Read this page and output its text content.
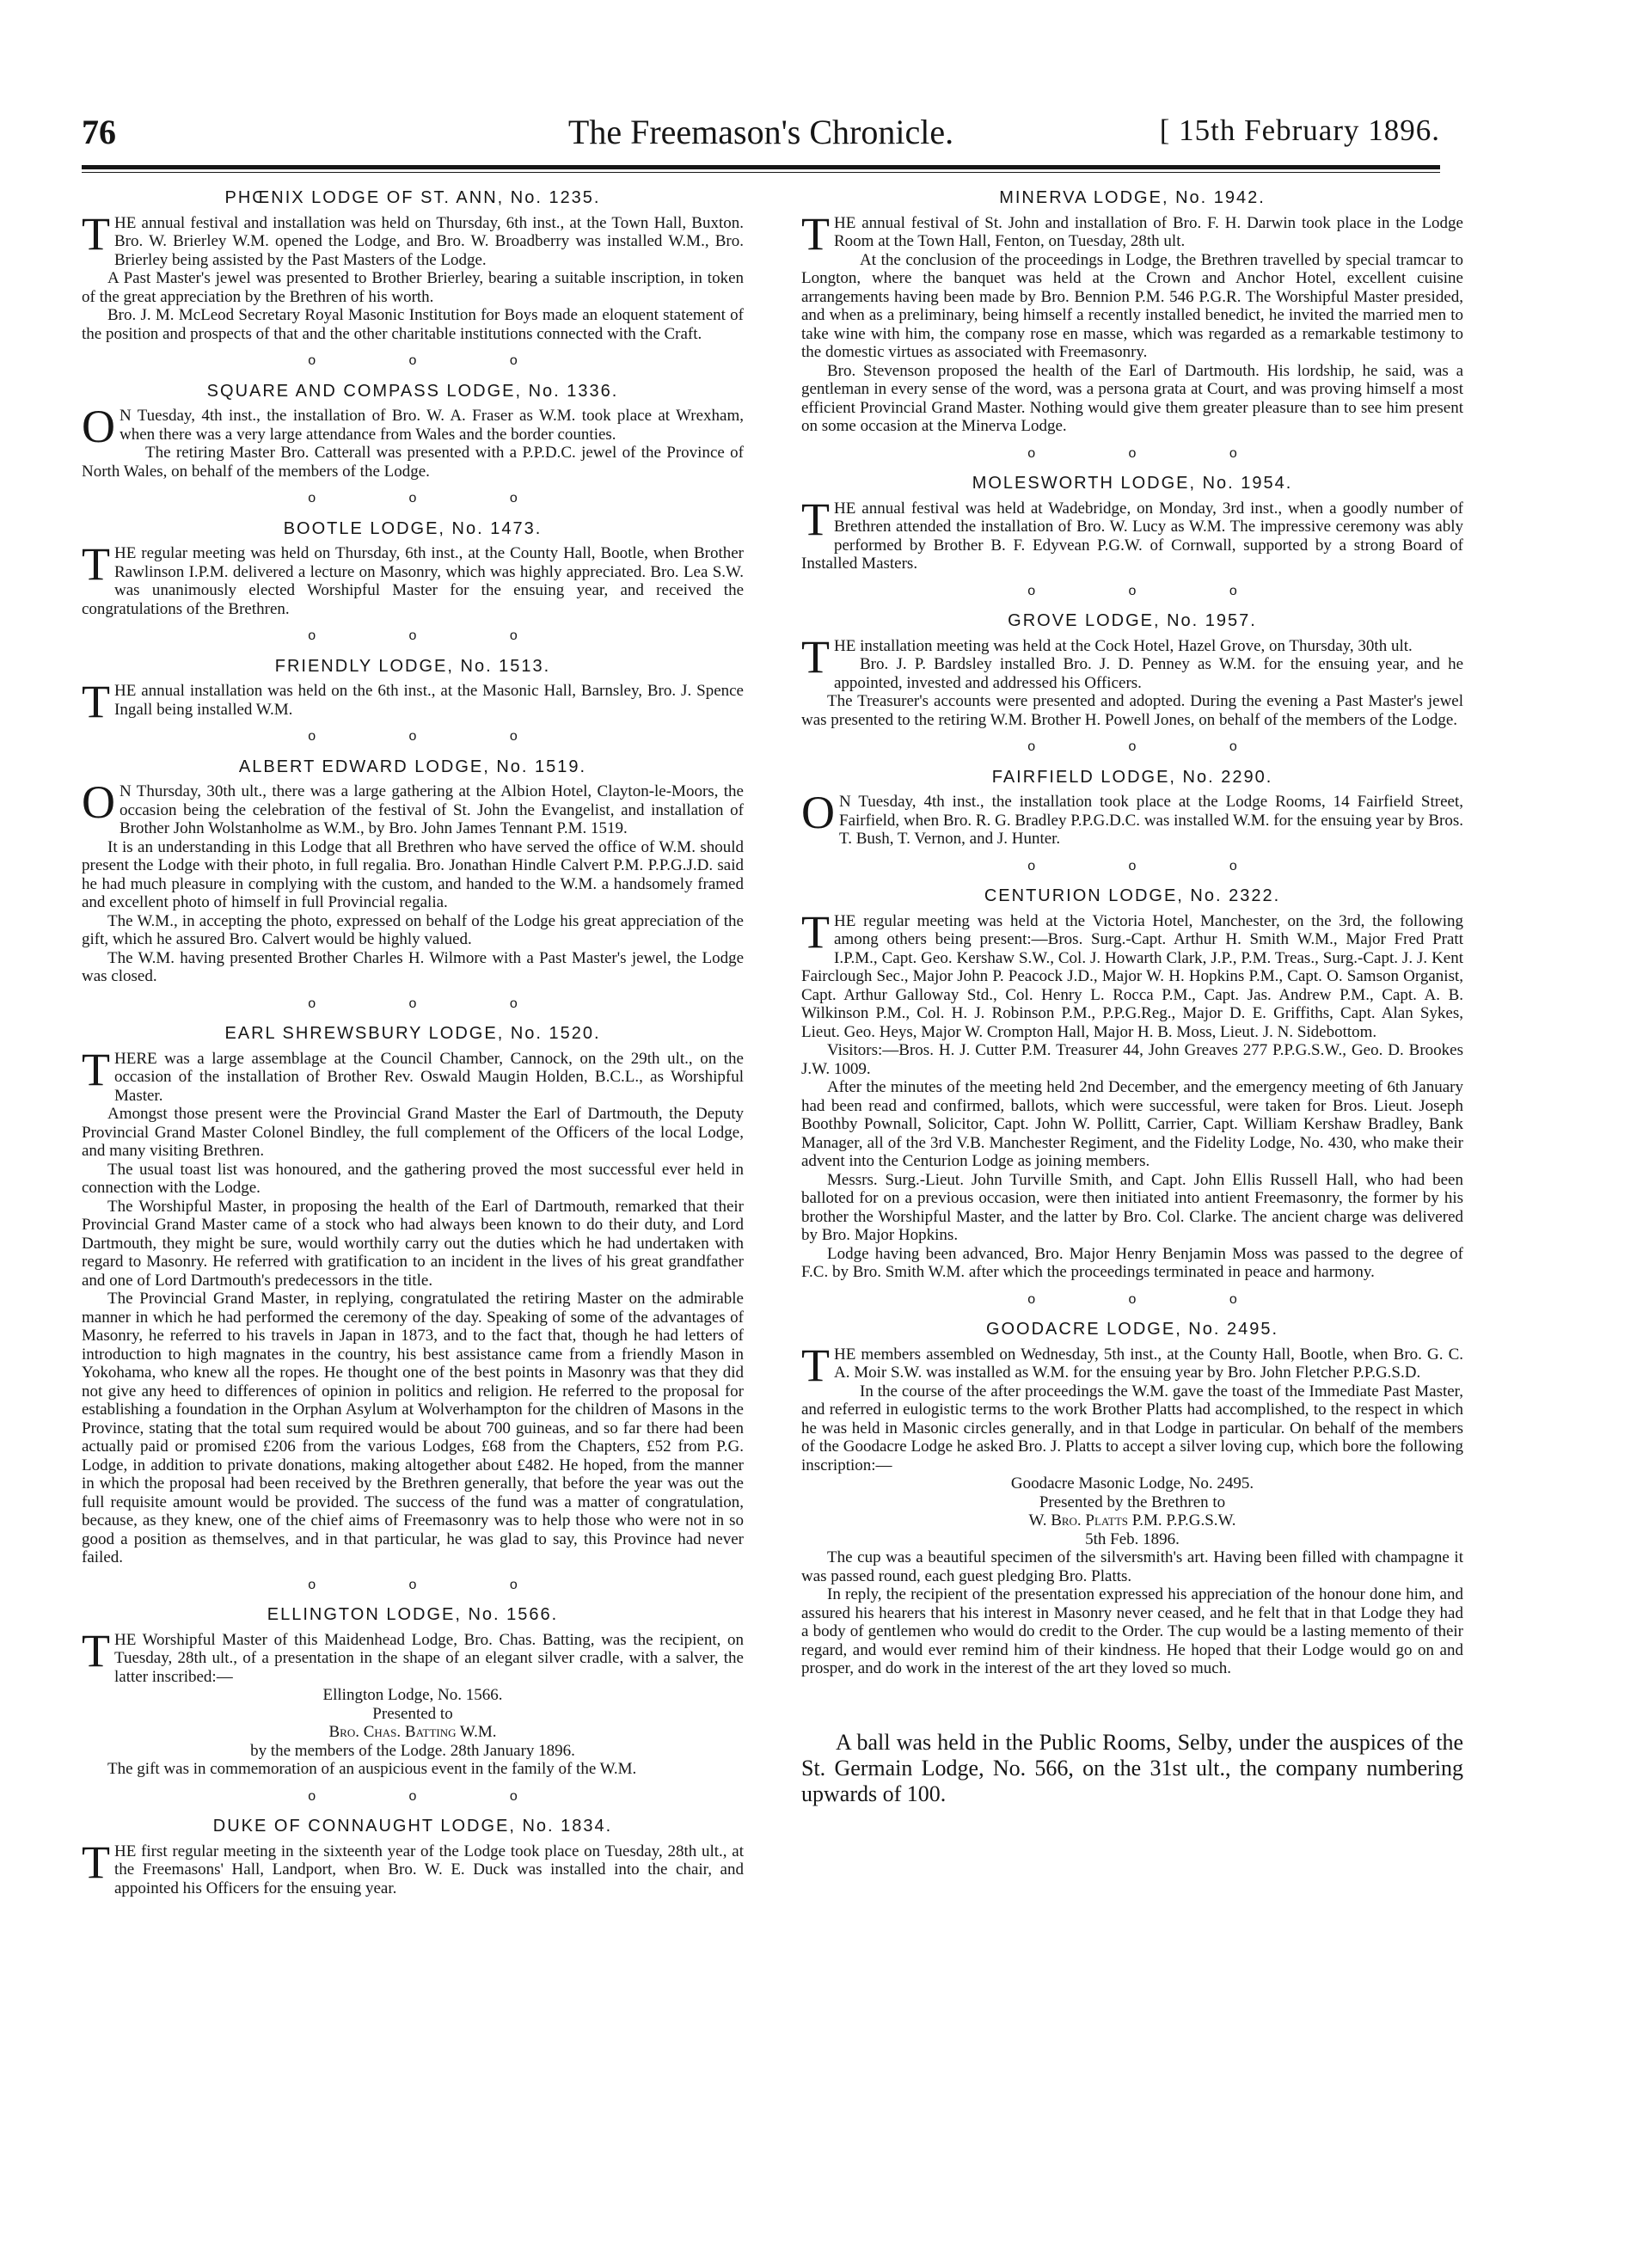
76	The Freemason's Chronicle.	[ 15th February 1896.
PHŒNIX LODGE OF ST. ANN, No. 1235.

THE annual festival and installation was held on Thursday, 6th inst., at the Town Hall, Buxton. Bro. W. Brierley W.M. opened the Lodge, and Bro. W. Broadberry was installed W.M., Bro. Brierley being assisted by the Past Masters of the Lodge.

A Past Master's jewel was presented to Brother Brierley, bearing a suitable inscription, in token of the great appreciation by the Brethren of his worth.

Bro. J. M. McLeod Secretary Royal Masonic Institution for Boys made an eloquent statement of the position and prospects of that and the other charitable institutions connected with the Craft.

o o o
SQUARE AND COMPASS LODGE, No. 1336.

O N Tuesday, 4th inst., the installation of Bro. W. A. Fraser as W.M. took place at Wrexham, when there was a very large attendance from Wales and the border counties.

The retiring Master Bro. Catterall was presented with a P.P.D.C. jewel of the Province of North Wales, on behalf of the members of the Lodge.

o o o
BOOTLE LODGE, No. 1473.

THE regular meeting was held on Thursday, 6th inst., at the County Hall, Bootle, when Brother Rawlinson I.P.M. delivered a lecture on Masonry, which was highly appreciated. Bro. Lea S.W. was unanimously elected Worshipful Master for the ensuing year, and received the congratulations of the Brethren.

o o o
FRIENDLY LODGE, No. 1513.

THE annual installation was held on the 6th inst., at the Masonic Hall, Barnsley, Bro. J. Spence Ingall being installed W.M.

o o o
ALBERT EDWARD LODGE, No. 1519.

O N Thursday, 30th ult., there was a large gathering at the Albion Hotel, Clayton-le-Moors, the occasion being the celebration of the festival of St. John the Evangelist, and installation of Brother John Wolstanholme as W.M., by Bro. John James Tennant P.M. 1519.

It is an understanding in this Lodge that all Brethren who have served the office of W.M. should present the Lodge with their photo, in full regalia. Bro. Jonathan Hindle Calvert P.M. P.P.G.J.D. said he had much pleasure in complying with the custom, and handed to the W.M. a handsomely framed and excellent photo of himself in full Provincial regalia.

The W.M., in accepting the photo, expressed on behalf of the Lodge his great appreciation of the gift, which he assured Bro. Calvert would be highly valued.

The W.M. having presented Brother Charles H. Wilmore with a Past Master's jewel, the Lodge was closed.

o o o
EARL SHREWSBURY LODGE, No. 1520.

THERE was a large assemblage at the Council Chamber, Cannock, on the 29th ult., on the occasion of the installation of Brother Rev. Oswald Maugin Holden, B.C.L., as Worshipful Master.

Amongst those present were the Provincial Grand Master the Earl of Dartmouth, the Deputy Provincial Grand Master Colonel Bindley, the full complement of the Officers of the local Lodge, and many visiting Brethren.

The usual toast list was honoured, and the gathering proved the most successful ever held in connection with the Lodge.

The Worshipful Master, in proposing the health of the Earl of Dartmouth, remarked that their Provincial Grand Master came of a stock who had always been known to do their duty, and Lord Dartmouth, they might be sure, would worthily carry out the duties which he had undertaken with regard to Masonry. He referred with gratification to an incident in the lives of his great grandfather and one of Lord Dartmouth's predecessors in the title.

The Provincial Grand Master, in replying, congratulated the retiring Master on the admirable manner in which he had performed the ceremony of the day. Speaking of some of the advantages of Masonry, he referred to his travels in Japan in 1873, and to the fact that, though he had letters of introduction to high magnates in the country, his best assistance came from a friendly Mason in Yokohama, who knew all the ropes. He thought one of the best points in Masonry was that they did not give any heed to differences of opinion in politics and religion. He referred to the proposal for establishing a foundation in the Orphan Asylum at Wolverhampton for the children of Masons in the Province, stating that the total sum required would be about 700 guineas, and so far there had been actually paid or promised £206 from the various Lodges, £68 from the Chapters, £52 from P.G. Lodge, in addition to private donations, making altogether about £482. He hoped, from the manner in which the proposal had been received by the Brethren generally, that before the year was out the full requisite amount would be provided. The success of the fund was a matter of congratulation, because, as they knew, one of the chief aims of Freemasonry was to help those who were not in so good a position as themselves, and in that particular, he was glad to say, this Province had never failed.

o o o
ELLINGTON LODGE, No. 1566.

THE Worshipful Master of this Maidenhead Lodge, Bro. Chas. Batting, was the recipient, on Tuesday, 28th ult., of a presentation in the shape of an elegant silver cradle, with a salver, the latter inscribed:—

Ellington Lodge, No. 1566.

Presented to

Bro. Chas. Batting W.M.

by the members of the Lodge. 28th January 1896.

The gift was in commemoration of an auspicious event in the family of the W.M.

o o o
DUKE OF CONNAUGHT LODGE, No. 1834.

THE first regular meeting in the sixteenth year of the Lodge took place on Tuesday, 28th ult., at the Freemasons' Hall, Landport, when Bro. W. E. Duck was installed into the chair, and appointed his Officers for the ensuing year.

MINERVA LODGE, No. 1942.

THE annual festival of St. John and installation of Bro. F. H. Darwin took place in the Lodge Room at the Town Hall, Fenton, on Tuesday, 28th ult.

At the conclusion of the proceedings in Lodge, the Brethren travelled by special tramcar to Longton, where the banquet was held at the Crown and Anchor Hotel, excellent cuisine arrangements having been made by Bro. Bennion P.M. 546 P.G.R. The Worshipful Master presided, and when as a preliminary, being himself a recently installed benedict, he invited the married men to take wine with him, the company rose en masse, which was regarded as a remarkable testimony to the domestic virtues as associated with Freemasonry.

Bro. Stevenson proposed the health of the Earl of Dartmouth. His lordship, he said, was a gentleman in every sense of the word, was a persona grata at Court, and was proving himself a most efficient Provincial Grand Master. Nothing would give them greater pleasure than to see him present on some occasion at the Minerva Lodge.

o o o
MOLESWORTH LODGE, No. 1954.

THE annual festival was held at Wadebridge, on Monday, 3rd inst., when a goodly number of Brethren attended the installation of Bro. W. Lucy as W.M. The impressive ceremony was ably performed by Brother B. F. Edyvean P.G.W. of Cornwall, supported by a strong Board of Installed Masters.

o o o
GROVE LODGE, No. 1957.

THE installation meeting was held at the Cock Hotel, Hazel Grove, on Thursday, 30th ult.

Bro. J. P. Bardsley installed Bro. J. D. Penney as W.M. for the ensuing year, and he appointed, invested and addressed his Officers.

The Treasurer's accounts were presented and adopted. During the evening a Past Master's jewel was presented to the retiring W.M. Brother H. Powell Jones, on behalf of the members of the Lodge.

o o o
FAIRFIELD LODGE, No. 2290.

O N Tuesday, 4th inst., the installation took place at the Lodge Rooms, 14 Fairfield Street, Fairfield, when Bro. R. G. Bradley P.P.G.D.C. was installed W.M. for the ensuing year by Bros. T. Bush, T. Vernon, and J. Hunter.

o o o
CENTURION LODGE, No. 2322.

THE regular meeting was held at the Victoria Hotel, Manchester, on the 3rd, the following among others being present:—Bros. Surg.-Capt. Arthur H. Smith W.M., Major Fred Pratt I.P.M., Capt. Geo. Kershaw S.W., Col. J. Howarth Clark, J.P., P.M. Treas., Surg.-Capt. J. J. Kent Fairclough Sec., Major John P. Peacock J.D., Major W. H. Hopkins P.M., Capt. O. Samson Organist, Capt. Arthur Galloway Std., Col. Henry L. Rocca P.M., Capt. Jas. Andrew P.M., Capt. A. B. Wilkinson P.M., Col. H. J. Robinson P.M., P.P.G.Reg., Major D. E. Griffiths, Capt. Alan Sykes, Lieut. Geo. Heys, Major W. Crompton Hall, Major H. B. Moss, Lieut. J. N. Sidebottom.

Visitors:—Bros. H. J. Cutter P.M. Treasurer 44, John Greaves 277 P.P.G.S.W., Geo. D. Brookes J.W. 1009.

After the minutes of the meeting held 2nd December, and the emergency meeting of 6th January had been read and confirmed, ballots, which were successful, were taken for Bros. Lieut. Joseph Boothby Pownall, Solicitor, Capt. John W. Pollitt, Carrier, Capt. William Kershaw Bradley, Bank Manager, all of the 3rd V.B. Manchester Regiment, and the Fidelity Lodge, No. 430, who make their advent into the Centurion Lodge as joining members.

Messrs. Surg.-Lieut. John Turville Smith, and Capt. John Ellis Russell Hall, who had been balloted for on a previous occasion, were then initiated into antient Freemasonry, the former by his brother the Worshipful Master, and the latter by Bro. Col. Clarke. The ancient charge was delivered by Bro. Major Hopkins.

Lodge having been advanced, Bro. Major Henry Benjamin Moss was passed to the degree of F.C. by Bro. Smith W.M. after which the proceedings terminated in peace and harmony.

o o o
GOODACRE LODGE, No. 2495.

THE members assembled on Wednesday, 5th inst., at the County Hall, Bootle, when Bro. G. C. A. Moir S.W. was installed as W.M. for the ensuing year by Bro. John Fletcher P.P.G.S.D.

In the course of the after proceedings the W.M. gave the toast of the Immediate Past Master, and referred in eulogistic terms to the work Brother Platts had accomplished, to the respect in which he was held in Masonic circles generally, and in that Lodge in particular. On behalf of the members of the Goodacre Lodge he asked Bro. J. Platts to accept a silver loving cup, which bore the following inscription:—

Goodacre Masonic Lodge, No. 2495.

Presented by the Brethren to

W. Bro. Platts P.M. P.P.G.S.W.

5th Feb. 1896.

The cup was a beautiful specimen of the silversmith's art. Having been filled with champagne it was passed round, each guest pledging Bro. Platts.

In reply, the recipient of the presentation expressed his appreciation of the honour done him, and assured his hearers that his interest in Masonry never ceased, and he felt that in that Lodge they had a body of gentlemen who would do credit to the Order. The cup would be a lasting memento of their regard, and would ever remind him of their kindness. He hoped that their Lodge would go on and prosper, and do work in the interest of the art they loved so much.

A ball was held in the Public Rooms, Selby, under the auspices of the St. Germain Lodge, No. 566, on the 31st ult., the company numbering upwards of 100.
